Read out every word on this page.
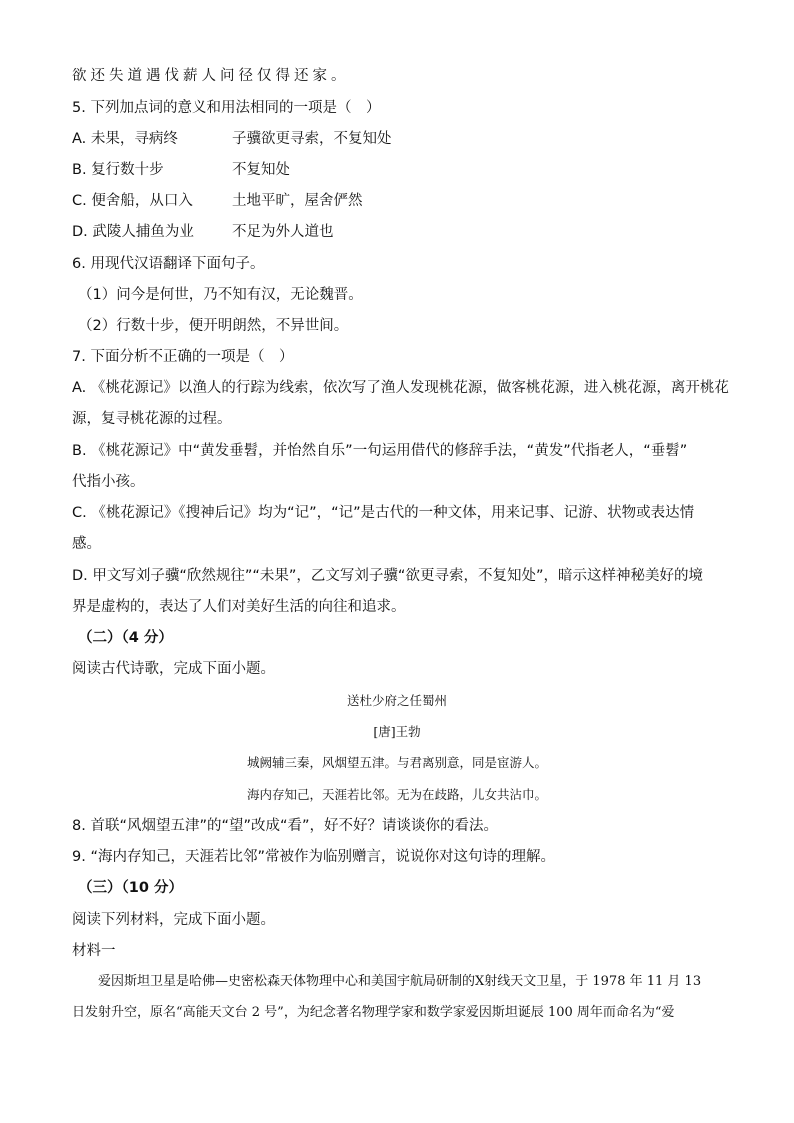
欲还失道遇伐薪人问径仅得还家。
5. 下列加点词的意义和用法相同的一项是（　）
A. 未果，寻病终	子骥欲更寻索，不复知处
B. 复行数十步	不复知处
C. 便舍船，从口入	土地平旷，屋舍俨然
D. 武陵人捕鱼为业	不足为外人道也
6. 用现代汉语翻译下面句子。
（1）问今是何世，乃不知有汉，无论魏晋。
（2）行数十步，便开明朗然，不异世间。
7. 下面分析不正确的一项是（　）
A. 《桃花源记》以渔人的行踪为线索，依次写了渔人发现桃花源，做客桃花源，进入桃花源，离开桃花
源，复寻桃花源的过程。
B. 《桃花源记》中“黄发垂髫，并怡然自乐”一句运用借代的修辞手法，“黄发”代指老人，“垂髫”
代指小孩。
C. 《桃花源记》《搜神后记》均为“记”，“记”是古代的一种文体，用来记事、记游、状物或表达情
感。
D. 甲文写刘子骥“欣然规往”“未果”，乙文写刘子骥“欲更寻索，不复知处”，暗示这样神秘美好的境
界是虚构的，表达了人们对美好生活的向往和追求。
（二）（4 分）
阅读古代诗歌，完成下面小题。
送杜少府之任蜀州
[唐]王勃
城阙辅三秦，风烟望五津。与君离别意，同是宦游人。
海内存知己，天涯若比邻。无为在歧路，儿女共沾巾。
8. 首联“风烟望五津”的“望”改成“看”，好不好？请谈谈你的看法。
9. “海内存知己，天涯若比邻”常被作为临别赠言，说说你对这句诗的理解。
（三）（10 分）
阅读下列材料，完成下面小题。
材料一
爱因斯坦卫星是哈佛—史密松森天体物理中心和美国宇航局研制的X射线天文卫星，于 1978 年 11 月 13
日发射升空，原名“高能天文台 2 号”，为纪念著名物理学家和数学家爱因斯坦诞辰 100 周年而命名为“爱
